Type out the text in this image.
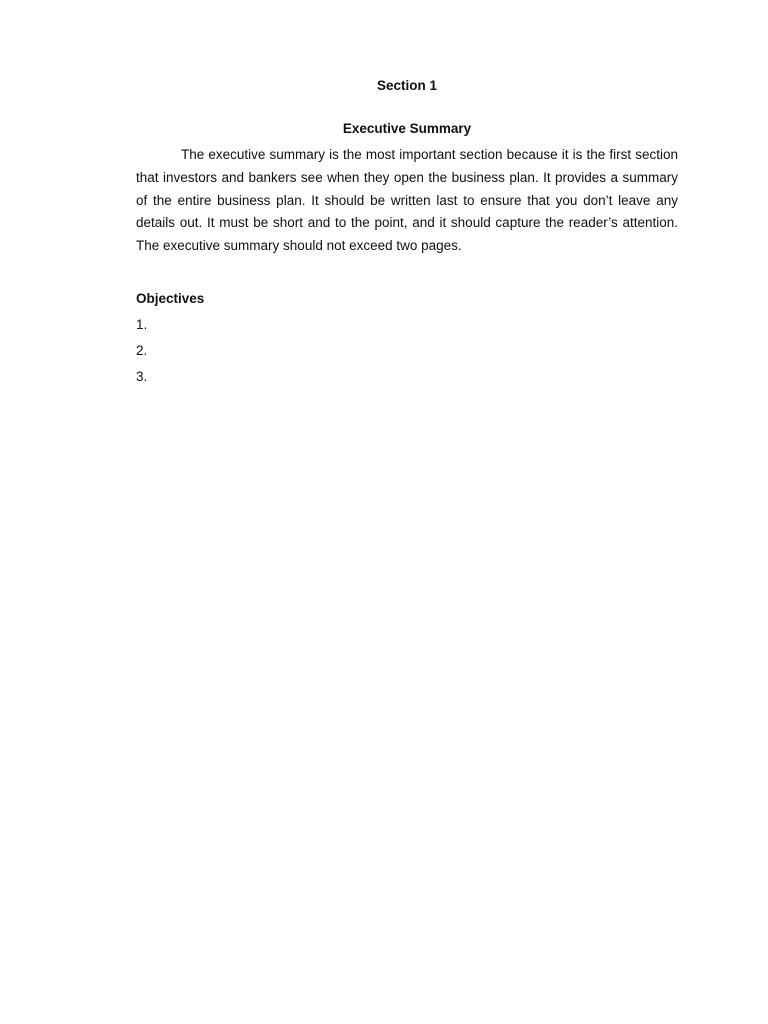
Section 1
Executive Summary

The executive summary is the most important section because it is the first section that investors and bankers see when they open the business plan. It provides a summary of the entire business plan. It should be written last to ensure that you don’t leave any details out. It must be short and to the point, and it should capture the reader’s attention. The executive summary should not exceed two pages.

Objectives
1.
2.
3.
